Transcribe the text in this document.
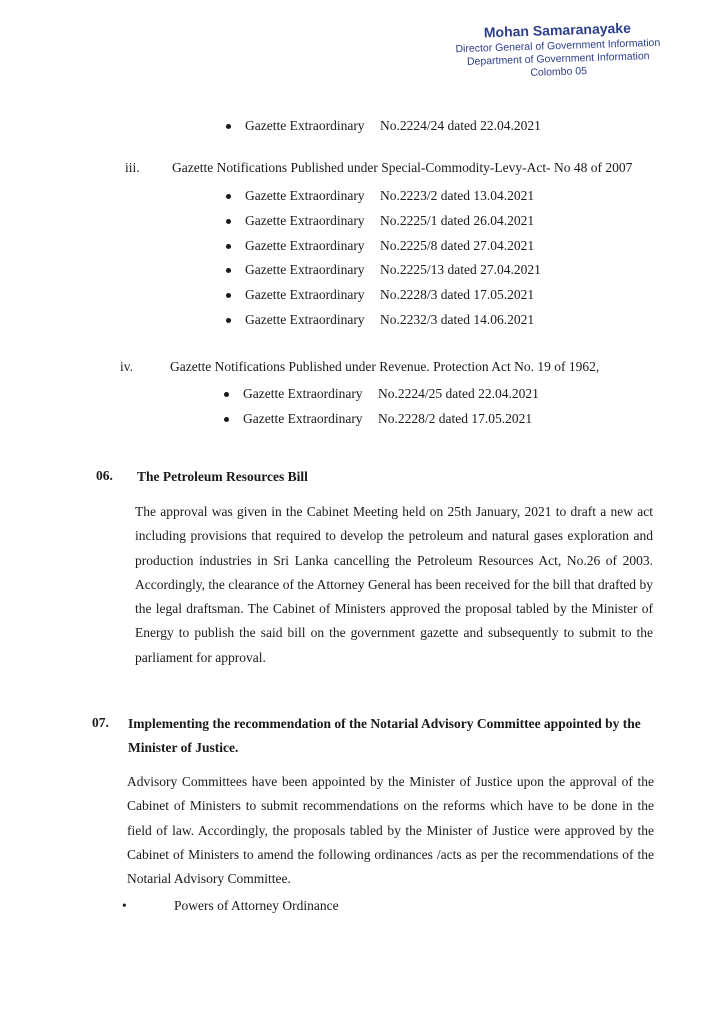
Mohan Samaranayake
Director General of Government Information
Department of Government Information
Colombo 05
Gazette Extraordinary No.2224/24 dated 22.04.2021
iii. Gazette Notifications Published under Special-Commodity-Levy-Act- No 48 of 2007
Gazette Extraordinary No.2223/2 dated 13.04.2021
Gazette Extraordinary No.2225/1 dated 26.04.2021
Gazette Extraordinary No.2225/8 dated 27.04.2021
Gazette Extraordinary No.2225/13 dated 27.04.2021
Gazette Extraordinary No.2228/3 dated 17.05.2021
Gazette Extraordinary No.2232/3 dated 14.06.2021
iv.	Gazette Notifications Published under Revenue. Protection Act No. 19 of 1962,
Gazette Extraordinary No.2224/25 dated 22.04.2021
Gazette Extraordinary No.2228/2 dated 17.05.2021
06. The Petroleum Resources Bill

The approval was given in the Cabinet Meeting held on 25th January, 2021 to draft a new act including provisions that required to develop the petroleum and natural gases exploration and production industries in Sri Lanka cancelling the Petroleum Resources Act, No.26 of 2003. Accordingly, the clearance of the Attorney General has been received for the bill that drafted by the legal draftsman. The Cabinet of Ministers approved the proposal tabled by the Minister of Energy to publish the said bill on the government gazette and subsequently to submit to the parliament for approval.

07. Implementing the recommendation of the Notarial Advisory Committee appointed by the Minister of Justice.

Advisory Committees have been appointed by the Minister of Justice upon the approval of the Cabinet of Ministers to submit recommendations on the reforms which have to be done in the field of law. Accordingly, the proposals tabled by the Minister of Justice were approved by the Cabinet of Ministers to amend the following ordinances /acts as per the recommendations of the Notarial Advisory Committee.

•	Powers of Attorney Ordinance
